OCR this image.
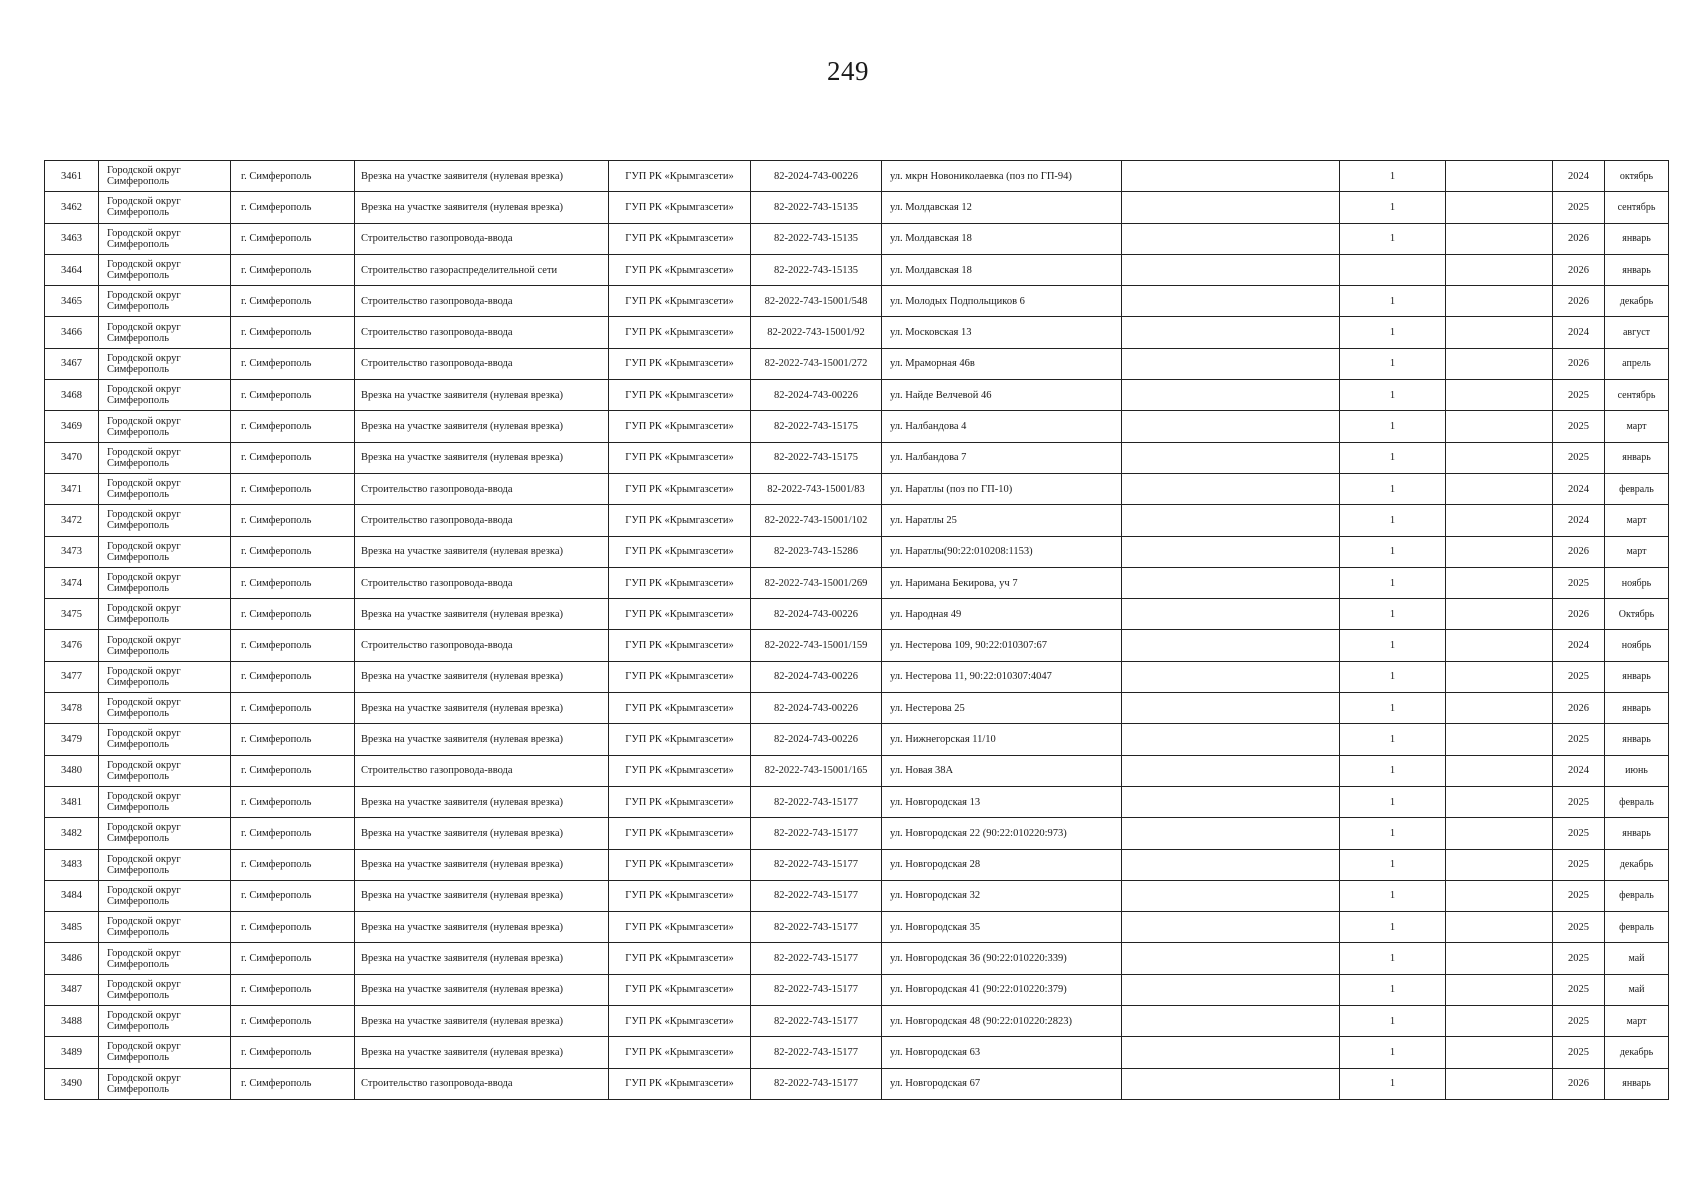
249
3461	Городской округ Симферополь	г. Симферополь	Врезка на участке заявителя (нулевая врезка)	ГУП РК «Крымгазсети»	82-2024-743-00226	ул. мкрн Новониколаевка (поз по ГП-94)		1		2024	октябрь
3462	Городской округ Симферополь	г. Симферополь	Врезка на участке заявителя (нулевая врезка)	ГУП РК «Крымгазсети»	82-2022-743-15135	ул. Молдавская 12		1		2025	сентябрь
3463	Городской округ Симферополь	г. Симферополь	Строительство газопровода-ввода	ГУП РК «Крымгазсети»	82-2022-743-15135	ул. Молдавская 18		1		2026	январь
3464	Городской округ Симферополь	г. Симферополь	Строительство газораспределительной сети	ГУП РК «Крымгазсети»	82-2022-743-15135	ул. Молдавская 18				2026	январь
3465	Городской округ Симферополь	г. Симферополь	Строительство газопровода-ввода	ГУП РК «Крымгазсети»	82-2022-743-15001/548	ул. Молодых Подпольщиков 6		1		2026	декабрь
3466	Городской округ Симферополь	г. Симферополь	Строительство газопровода-ввода	ГУП РК «Крымгазсети»	82-2022-743-15001/92	ул. Московская 13		1		2024	август
3467	Городской округ Симферополь	г. Симферополь	Строительство газопровода-ввода	ГУП РК «Крымгазсети»	82-2022-743-15001/272	ул. Мраморная 46в		1		2026	апрель
3468	Городской округ Симферополь	г. Симферополь	Врезка на участке заявителя (нулевая врезка)	ГУП РК «Крымгазсети»	82-2024-743-00226	ул. Найде Велчевой 46		1		2025	сентябрь
3469	Городской округ Симферополь	г. Симферополь	Врезка на участке заявителя (нулевая врезка)	ГУП РК «Крымгазсети»	82-2022-743-15175	ул. Налбандова 4		1		2025	март
3470	Городской округ Симферополь	г. Симферополь	Врезка на участке заявителя (нулевая врезка)	ГУП РК «Крымгазсети»	82-2022-743-15175	ул. Налбандова 7		1		2025	январь
3471	Городской округ Симферополь	г. Симферополь	Строительство газопровода-ввода	ГУП РК «Крымгазсети»	82-2022-743-15001/83	ул. Наратлы (поз по ГП-10)		1		2024	февраль
3472	Городской округ Симферополь	г. Симферополь	Строительство газопровода-ввода	ГУП РК «Крымгазсети»	82-2022-743-15001/102	ул. Наратлы 25		1		2024	март
3473	Городской округ Симферополь	г. Симферополь	Врезка на участке заявителя (нулевая врезка)	ГУП РК «Крымгазсети»	82-2023-743-15286	ул. Наратлы(90:22:010208:1153)		1		2026	март
3474	Городской округ Симферополь	г. Симферополь	Строительство газопровода-ввода	ГУП РК «Крымгазсети»	82-2022-743-15001/269	ул. Наримана Бекирова, уч 7		1		2025	ноябрь
3475	Городской округ Симферополь	г. Симферополь	Врезка на участке заявителя (нулевая врезка)	ГУП РК «Крымгазсети»	82-2024-743-00226	ул. Народная 49		1		2026	Октябрь
3476	Городской округ Симферополь	г. Симферополь	Строительство газопровода-ввода	ГУП РК «Крымгазсети»	82-2022-743-15001/159	ул. Нестерова 109, 90:22:010307:67		1		2024	ноябрь
3477	Городской округ Симферополь	г. Симферополь	Врезка на участке заявителя (нулевая врезка)	ГУП РК «Крымгазсети»	82-2024-743-00226	ул. Нестерова 11, 90:22:010307:4047		1		2025	январь
3478	Городской округ Симферополь	г. Симферополь	Врезка на участке заявителя (нулевая врезка)	ГУП РК «Крымгазсети»	82-2024-743-00226	ул. Нестерова 25		1		2026	январь
3479	Городской округ Симферополь	г. Симферополь	Врезка на участке заявителя (нулевая врезка)	ГУП РК «Крымгазсети»	82-2024-743-00226	ул. Нижнегорская 11/10		1		2025	январь
3480	Городской округ Симферополь	г. Симферополь	Строительство газопровода-ввода	ГУП РК «Крымгазсети»	82-2022-743-15001/165	ул. Новая 38А		1		2024	июнь
3481	Городской округ Симферополь	г. Симферополь	Врезка на участке заявителя (нулевая врезка)	ГУП РК «Крымгазсети»	82-2022-743-15177	ул. Новгородская 13		1		2025	февраль
3482	Городской округ Симферополь	г. Симферополь	Врезка на участке заявителя (нулевая врезка)	ГУП РК «Крымгазсети»	82-2022-743-15177	ул. Новгородская 22 (90:22:010220:973)		1		2025	январь
3483	Городской округ Симферополь	г. Симферополь	Врезка на участке заявителя (нулевая врезка)	ГУП РК «Крымгазсети»	82-2022-743-15177	ул. Новгородская 28		1		2025	декабрь
3484	Городской округ Симферополь	г. Симферополь	Врезка на участке заявителя (нулевая врезка)	ГУП РК «Крымгазсети»	82-2022-743-15177	ул. Новгородская 32		1		2025	февраль
3485	Городской округ Симферополь	г. Симферополь	Врезка на участке заявителя (нулевая врезка)	ГУП РК «Крымгазсети»	82-2022-743-15177	ул. Новгородская 35		1		2025	февраль
3486	Городской округ Симферополь	г. Симферополь	Врезка на участке заявителя (нулевая врезка)	ГУП РК «Крымгазсети»	82-2022-743-15177	ул. Новгородская 36 (90:22:010220:339)		1		2025	май
3487	Городской округ Симферополь	г. Симферополь	Врезка на участке заявителя (нулевая врезка)	ГУП РК «Крымгазсети»	82-2022-743-15177	ул. Новгородская 41 (90:22:010220:379)		1		2025	май
3488	Городской округ Симферополь	г. Симферополь	Врезка на участке заявителя (нулевая врезка)	ГУП РК «Крымгазсети»	82-2022-743-15177	ул. Новгородская 48 (90:22:010220:2823)		1		2025	март
3489	Городской округ Симферополь	г. Симферополь	Врезка на участке заявителя (нулевая врезка)	ГУП РК «Крымгазсети»	82-2022-743-15177	ул. Новгородская 63		1		2025	декабрь
3490	Городской округ Симферополь	г. Симферополь	Строительство газопровода-ввода	ГУП РК «Крымгазсети»	82-2022-743-15177	ул. Новгородская 67		1		2026	январь
